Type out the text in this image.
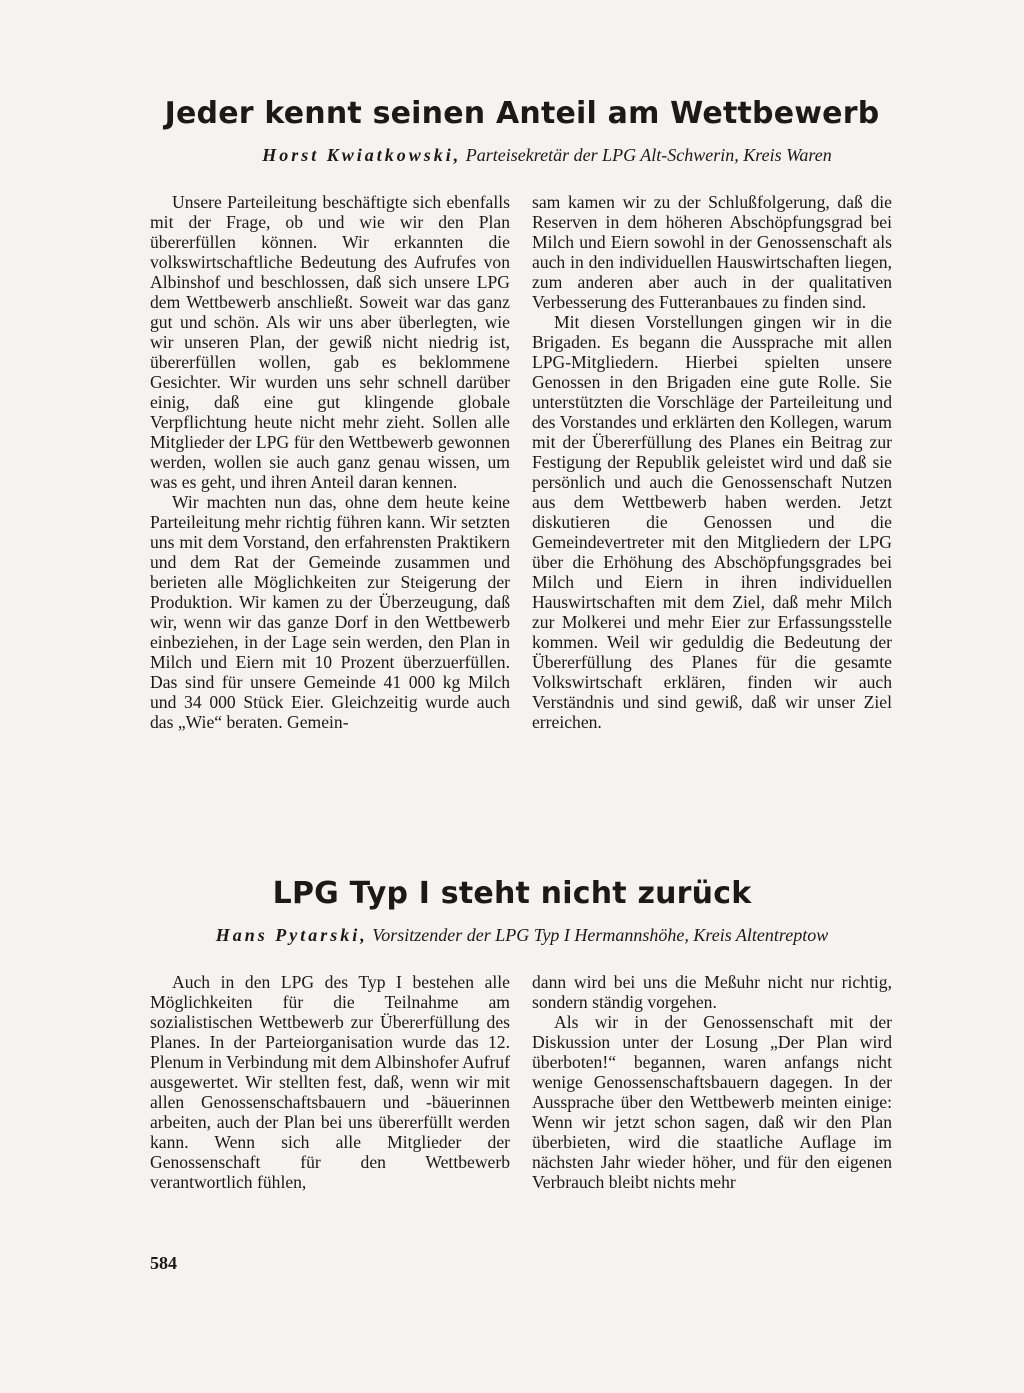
Jeder kennt seinen Anteil am Wettbewerb

Horst Kwiatkowski, Parteisekretär der LPG Alt-Schwerin, Kreis Waren

Unsere Parteileitung beschäftigte sich ebenfalls mit der Frage, ob und wie wir den Plan übererfüllen können. Wir erkannten die volkswirtschaftliche Bedeutung des Aufrufes von Albinshof und beschlossen, daß sich unsere LPG dem Wettbewerb anschließt. Soweit war das ganz gut und schön. Als wir uns aber überlegten, wie wir unseren Plan, der gewiß nicht niedrig ist, übererfüllen wollen, gab es beklommene Gesichter. Wir wurden uns sehr schnell darüber einig, daß eine gut klingende globale Verpflichtung heute nicht mehr zieht. Sollen alle Mitglieder der LPG für den Wettbewerb gewonnen werden, wollen sie auch ganz genau wissen, um was es geht, und ihren Anteil daran kennen.

Wir machten nun das, ohne dem heute keine Parteileitung mehr richtig führen kann. Wir setzten uns mit dem Vorstand, den erfahrensten Praktikern und dem Rat der Gemeinde zusammen und berieten alle Möglichkeiten zur Steigerung der Produktion. Wir kamen zu der Überzeugung, daß wir, wenn wir das ganze Dorf in den Wettbewerb einbeziehen, in der Lage sein werden, den Plan in Milch und Eiern mit 10 Prozent überzuerfüllen. Das sind für unsere Gemeinde 41 000 kg Milch und 34 000 Stück Eier. Gleichzeitig wurde auch das „Wie“ beraten. Gemein-

sam kamen wir zu der Schlußfolgerung, daß die Reserven in dem höheren Abschöpfungsgrad bei Milch und Eiern sowohl in der Genossenschaft als auch in den individuellen Hauswirtschaften liegen, zum anderen aber auch in der qualitativen Verbesserung des Futteranbaues zu finden sind.

Mit diesen Vorstellungen gingen wir in die Brigaden. Es begann die Aussprache mit allen LPG-Mitgliedern. Hierbei spielten unsere Genossen in den Brigaden eine gute Rolle. Sie unterstützten die Vorschläge der Parteileitung und des Vorstandes und erklärten den Kollegen, warum mit der Übererfüllung des Planes ein Beitrag zur Festigung der Republik geleistet wird und daß sie persönlich und auch die Genossenschaft Nutzen aus dem Wettbewerb haben werden. Jetzt diskutieren die Genossen und die Gemeindevertreter mit den Mitgliedern der LPG über die Erhöhung des Abschöpfungsgrades bei Milch und Eiern in ihren individuellen Hauswirtschaften mit dem Ziel, daß mehr Milch zur Molkerei und mehr Eier zur Erfassungsstelle kommen. Weil wir geduldig die Bedeutung der Übererfüllung des Planes für die gesamte Volkswirtschaft erklären, finden wir auch Verständnis und sind gewiß, daß wir unser Ziel erreichen.

LPG Typ I steht nicht zurück

Hans Pytarski, Vorsitzender der LPG Typ I Hermannshöhe, Kreis Altentreptow

Auch in den LPG des Typ I bestehen alle Möglichkeiten für die Teilnahme am sozialistischen Wettbewerb zur Übererfüllung des Planes. In der Parteiorganisation wurde das 12. Plenum in Verbindung mit dem Albinshofer Aufruf ausgewertet. Wir stellten fest, daß, wenn wir mit allen Genossenschaftsbauern und -bäuerinnen arbeiten, auch der Plan bei uns übererfüllt werden kann. Wenn sich alle Mitglieder der Genossenschaft für den Wettbewerb verantwortlich fühlen,

dann wird bei uns die Meßuhr nicht nur richtig, sondern ständig vorgehen.

Als wir in der Genossenschaft mit der Diskussion unter der Losung „Der Plan wird überboten!“ begannen, waren anfangs nicht wenige Genossenschaftsbauern dagegen. In der Aussprache über den Wettbewerb meinten einige: Wenn wir jetzt schon sagen, daß wir den Plan überbieten, wird die staatliche Auflage im nächsten Jahr wieder höher, und für den eigenen Verbrauch bleibt nichts mehr

584
